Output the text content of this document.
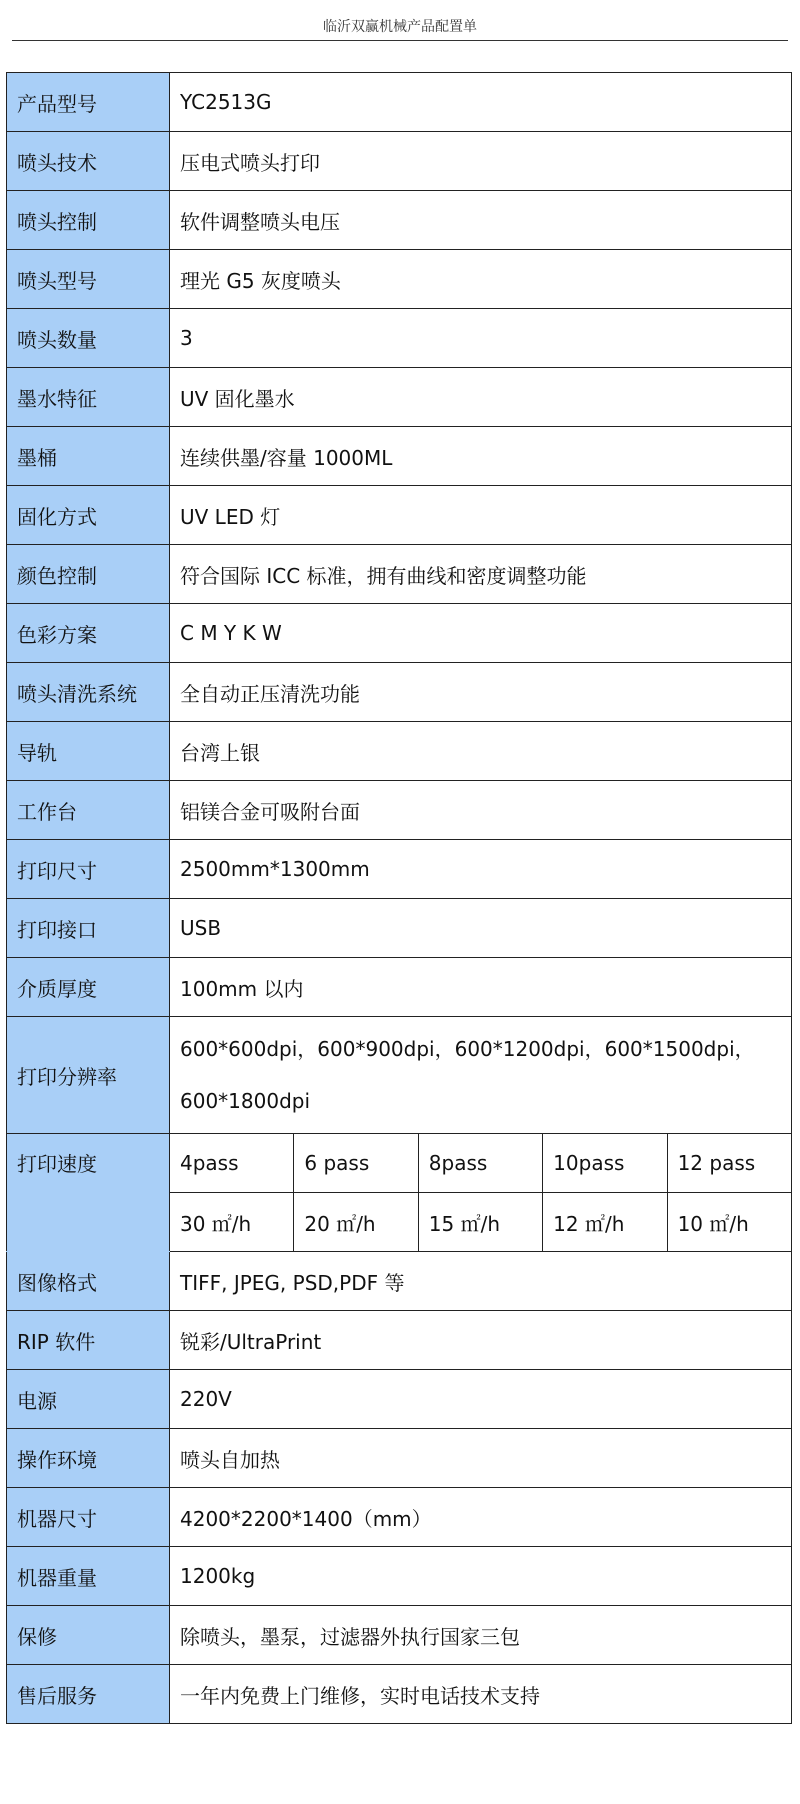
临沂双赢机械产品配置单
产品型号	YC2513G				
喷头技术	压电式喷头打印				
喷头控制	软件调整喷头电压				
喷头型号	理光 G5 灰度喷头				
喷头数量	3				
墨水特征	UV 固化墨水				
墨桶	连续供墨/容量 1000ML				
固化方式	UV LED 灯				
颜色控制	符合国际 ICC 标准，拥有曲线和密度调整功能				
色彩方案	C M Y K W				
喷头清洗系统	全自动正压清洗功能				
导轨	台湾上银				
工作台	铝镁合金可吸附台面				
打印尺寸	2500mm*1300mm				
打印接口	USB				
介质厚度	100mm 以内				
打印分辨率	600*600dpi，600*900dpi，600*1200dpi，600*1500dpi，
600*1800dpi				

打印速度	4pass	6 pass	8pass	10pass	12 pass
	30 ㎡/h	20 ㎡/h	15 ㎡/h	12 ㎡/h	10 ㎡/h
图像格式	TIFF, JPEG, PSD,PDF 等				
RIP 软件	锐彩/UltraPrint				
电源	220V				
操作环境	喷头自加热				
机器尺寸	4200*2200*1400（mm）				
机器重量	1200kg				
保修	除喷头，墨泵，过滤器外执行国家三包				
售后服务	一年内免费上门维修，实时电话技术支持				
